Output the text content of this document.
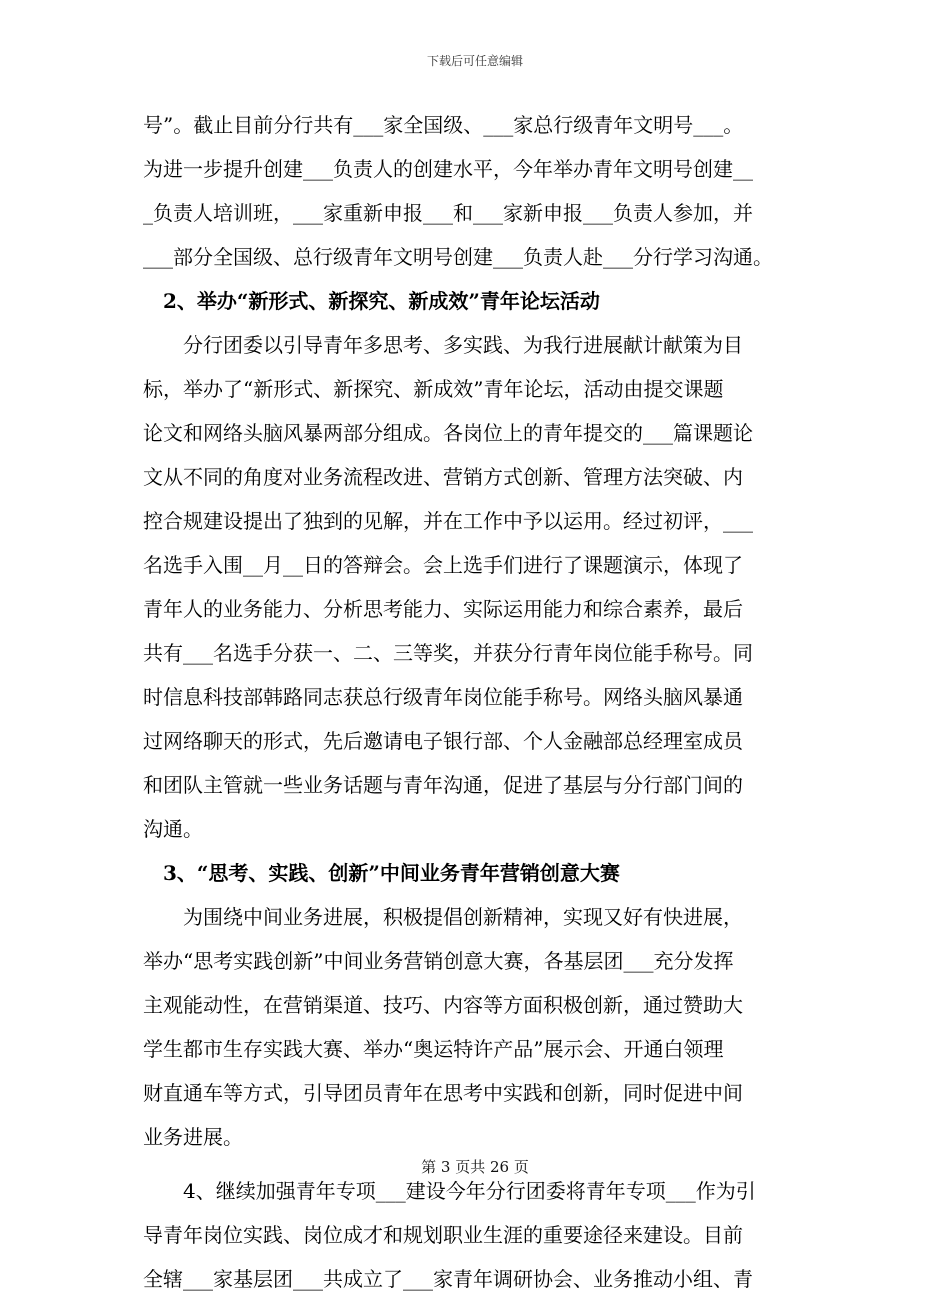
下载后可任意编辑
号”。截止目前分行共有___家全国级、___家总行级青年文明号___。
为进一步提升创建___负责人的创建水平，今年举办青年文明号创建__
_负责人培训班，___家重新申报___和___家新申报___负责人参加，并
___部分全国级、总行级青年文明号创建___负责人赴___分行学习沟通。
　2、举办“新形式、新探究、新成效”青年论坛活动
　　分行团委以引导青年多思考、多实践、为我行进展献计献策为目
标，举办了“新形式、新探究、新成效”青年论坛，活动由提交课题
论文和网络头脑风暴两部分组成。各岗位上的青年提交的___篇课题论
文从不同的角度对业务流程改进、营销方式创新、管理方法突破、内
控合规建设提出了独到的见解，并在工作中予以运用。经过初评，___
名选手入围__月__日的答辩会。会上选手们进行了课题演示，体现了
青年人的业务能力、分析思考能力、实际运用能力和综合素养，最后
共有___名选手分获一、二、三等奖，并获分行青年岗位能手称号。同
时信息科技部韩路同志获总行级青年岗位能手称号。网络头脑风暴通
过网络聊天的形式，先后邀请电子银行部、个人金融部总经理室成员
和团队主管就一些业务话题与青年沟通，促进了基层与分行部门间的
沟通。
　3、“思考、实践、创新”中间业务青年营销创意大赛
　　为围绕中间业务进展，积极提倡创新精神，实现又好有快进展，
举办“思考实践创新”中间业务营销创意大赛，各基层团___充分发挥
主观能动性，在营销渠道、技巧、内容等方面积极创新，通过赞助大
学生都市生存实践大赛、举办“奥运特许产品”展示会、开通白领理
财直通车等方式，引导团员青年在思考中实践和创新，同时促进中间
业务进展。
　　4、继续加强青年专项___建设今年分行团委将青年专项___作为引
导青年岗位实践、岗位成才和规划职业生涯的重要途径来建设。目前
全辖___家基层团___共成立了___家青年调研协会、业务推动小组、青
第 3 页共 26 页
